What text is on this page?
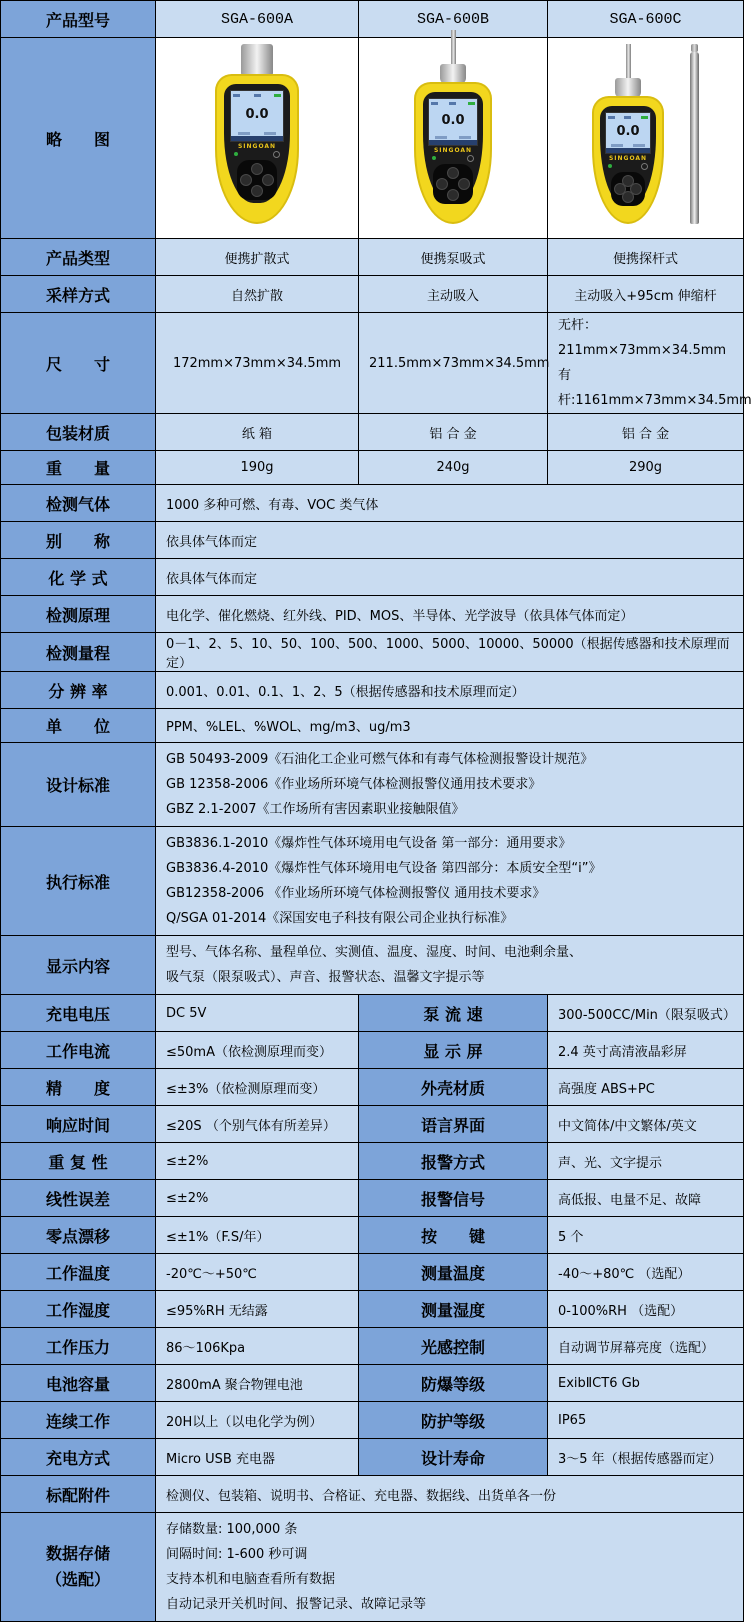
产品型号	SGA-600A	SGA-600B	SGA-600C
略　　图	
0.0
SINGOAN

0.0
SINGOAN

0.0
SINGOAN

产品类型	便携扩散式	便携泵吸式	便携探杆式
采样方式	自然扩散	主动吸入	主动吸入+95cm 伸缩杆
尺　　寸	172mm×73mm×34.5mm	211.5mm×73mm×34.5mm	无杆：211mm×73mm×34.5mm
有杆:1161mm×73mm×34.5mm

包装材质	纸 箱	铝 合 金	铝 合 金
重　　量	190g	240g	290g
检测气体	1000 多种可燃、有毒、VOC 类气体		
别　　称	依具体气体而定		
化 学 式	依具体气体而定		
检测原理	电化学、催化燃烧、红外线、PID、MOS、半导体、光学波导（依具体气体而定）		
检测量程	0－1、2、5、10、50、100、500、1000、5000、10000、50000（根据传感器和技术原理而定）		
分 辨 率	0.001、0.01、0.1、1、2、5（根据传感器和技术原理而定）		
单　　位	PPM、%LEL、%WOL、mg/m3、ug/m3		
设计标准	GB 50493-2009《石油化工企业可燃气体和有毒气体检测报警设计规范》
GB 12358-2006《作业场所环境气体检测报警仪通用技术要求》
GBZ 2.1-2007《工作场所有害因素职业接触限值》		

执行标准	GB3836.1-2010《爆炸性气体环境用电气设备 第一部分：通用要求》
GB3836.4-2010《爆炸性气体环境用电气设备 第四部分：本质安全型“i”》
GB12358-2006 《作业场所环境气体检测报警仪 通用技术要求》
Q/SGA 01-2014《深国安电子科技有限公司企业执行标准》		

显示内容	型号、气体名称、量程单位、实测值、温度、湿度、时间、电池剩余量、
吸气泵（限泵吸式）、声音、报警状态、温馨文字提示等		

充电电压	DC 5V	泵 流 速	300-500CC/Min（限泵吸式）
工作电流	≤50mA（依检测原理而变）	显 示 屏	2.4 英寸高清液晶彩屏
精　　度	≤±3%（依检测原理而变）	外壳材质	高强度 ABS+PC
响应时间	≤20S （个别气体有所差异）	语言界面	中文简体/中文繁体/英文
重 复 性	≤±2%	报警方式	声、光、文字提示
线性误差	≤±2%	报警信号	高低报、电量不足、故障
零点漂移	≤±1%（F.S/年）	按　　键	5 个
工作温度	-20℃～+50℃	测量温度	-40～+80℃ （选配）
工作湿度	≤95%RH 无结露	测量湿度	0-100%RH （选配）
工作压力	86～106Kpa	光感控制	自动调节屏幕亮度（选配）
电池容量	2800mA 聚合物锂电池	防爆等级	ExibⅡCT6 Gb
连续工作	20H以上（以电化学为例）	防护等级	IP65
充电方式	Micro USB 充电器	设计寿命	3～5 年（根据传感器而定）
标配附件	检测仪、包装箱、说明书、合格证、充电器、数据线、出货单各一份		

数据存储
（选配）

存储数量: 100,000 条
间隔时间: 1-600 秒可调
支持本机和电脑查看所有数据
自动记录开关机时间、报警记录、故障记录等
